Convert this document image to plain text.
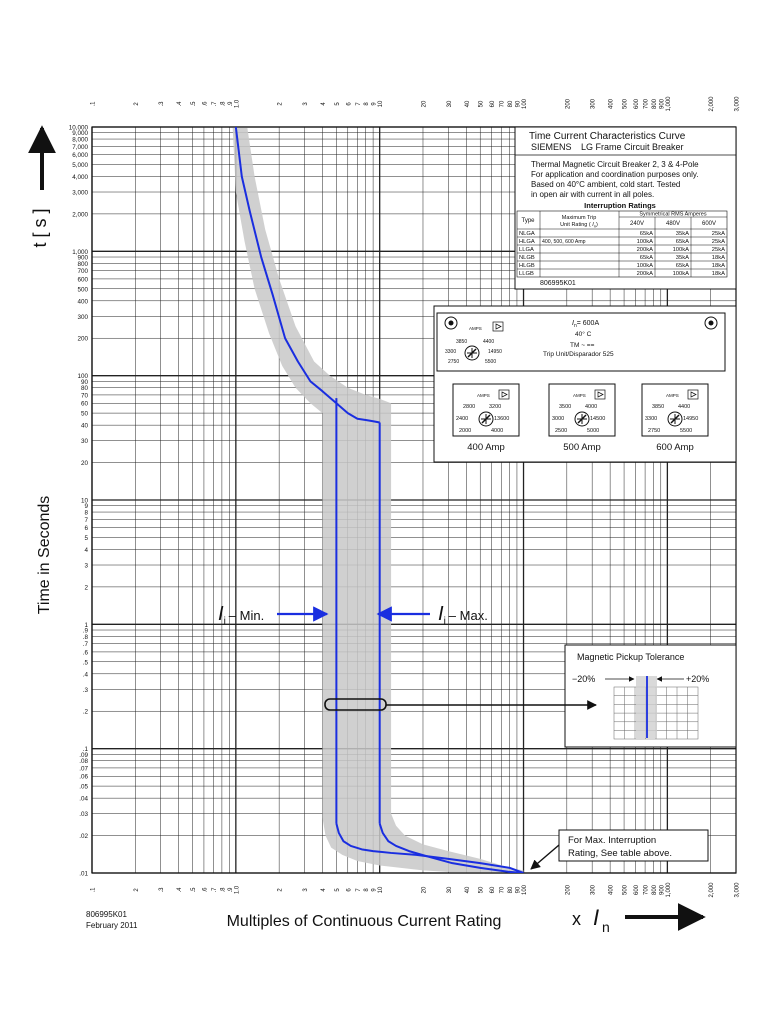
.1	2	.3 .4 .5 .6 .7 .8 .9 1.0	2	3 4 5 6 7 8 9 10	20	30 40 50 60 70 80 90 100	200	300 400 500 600 700 800 900 1,000	2,000	3,000
.1	2	.3 .4 .5 .6 .7 .8 .9 1.0	2	3 4 5 6 7 8 9 10	20	30 40 50 60 70 80 90 100	200	300 400 500 600 700 800 900 1,000	2,000	3,000
10,000
9,000
8,000
7,000
6,000
5,000
4,000
3,000
2,000
1,000
900
800
700
600
500
400
300
200
100
90
80
70
60
50
40
30
20
10
9
8
7
6
5
4
3
2
1
.9
.8
.7
.6
.5
.4
.3
.2
.1
.09
.08
.07
.06
.05
.04
.03
.02
.01
t [ s ]
Time in Seconds
Multiples of Continuous Current Rating	x I n
806995K01
February 2011
Time Current Characteristics Curve
SIEMENS LG Frame Circuit Breaker
Thermal Magnetic Circuit Breaker 2, 3 & 4-Pole
For application and coordination purposes only.
Based on 40°C ambient, cold start. Tested
in open air with current in all poles.
Interruption Ratings
Type	Maximum Trip
Unit Rating ( $I_n$)
Symmetrical RMS Amperes
240V	480V	600V
NLGA	65kA	35kA	25kA
HLGA 400, 500, 600 Amp	100kA	65kA	25kA
LLGA	200kA	100kA	25kA
NLGB	65kA	35kA	18kA
HLGB	100kA	65kA	18kA
LLGB	200kA	100kA	18kA
806995K01
$I_n= 600A$
40° C
TM ~ ==
Trip Unit/Disparador 525
AMPS
3850	4400
3300	14950
2750	5500
AMPS
2800	3200
2400	13600
2000	4000
400 Amp
AMPS
3500	4000
3000	14500
2500	5000
500 Amp
AMPS
3850	4400
3300	14950
2750	5500
600 Amp
Magnetic Pickup Tolerance
−20%	+20%
$I_i$ – Min.	$I_i$ – Max.
For Max. Interruption
Rating, See table above.
